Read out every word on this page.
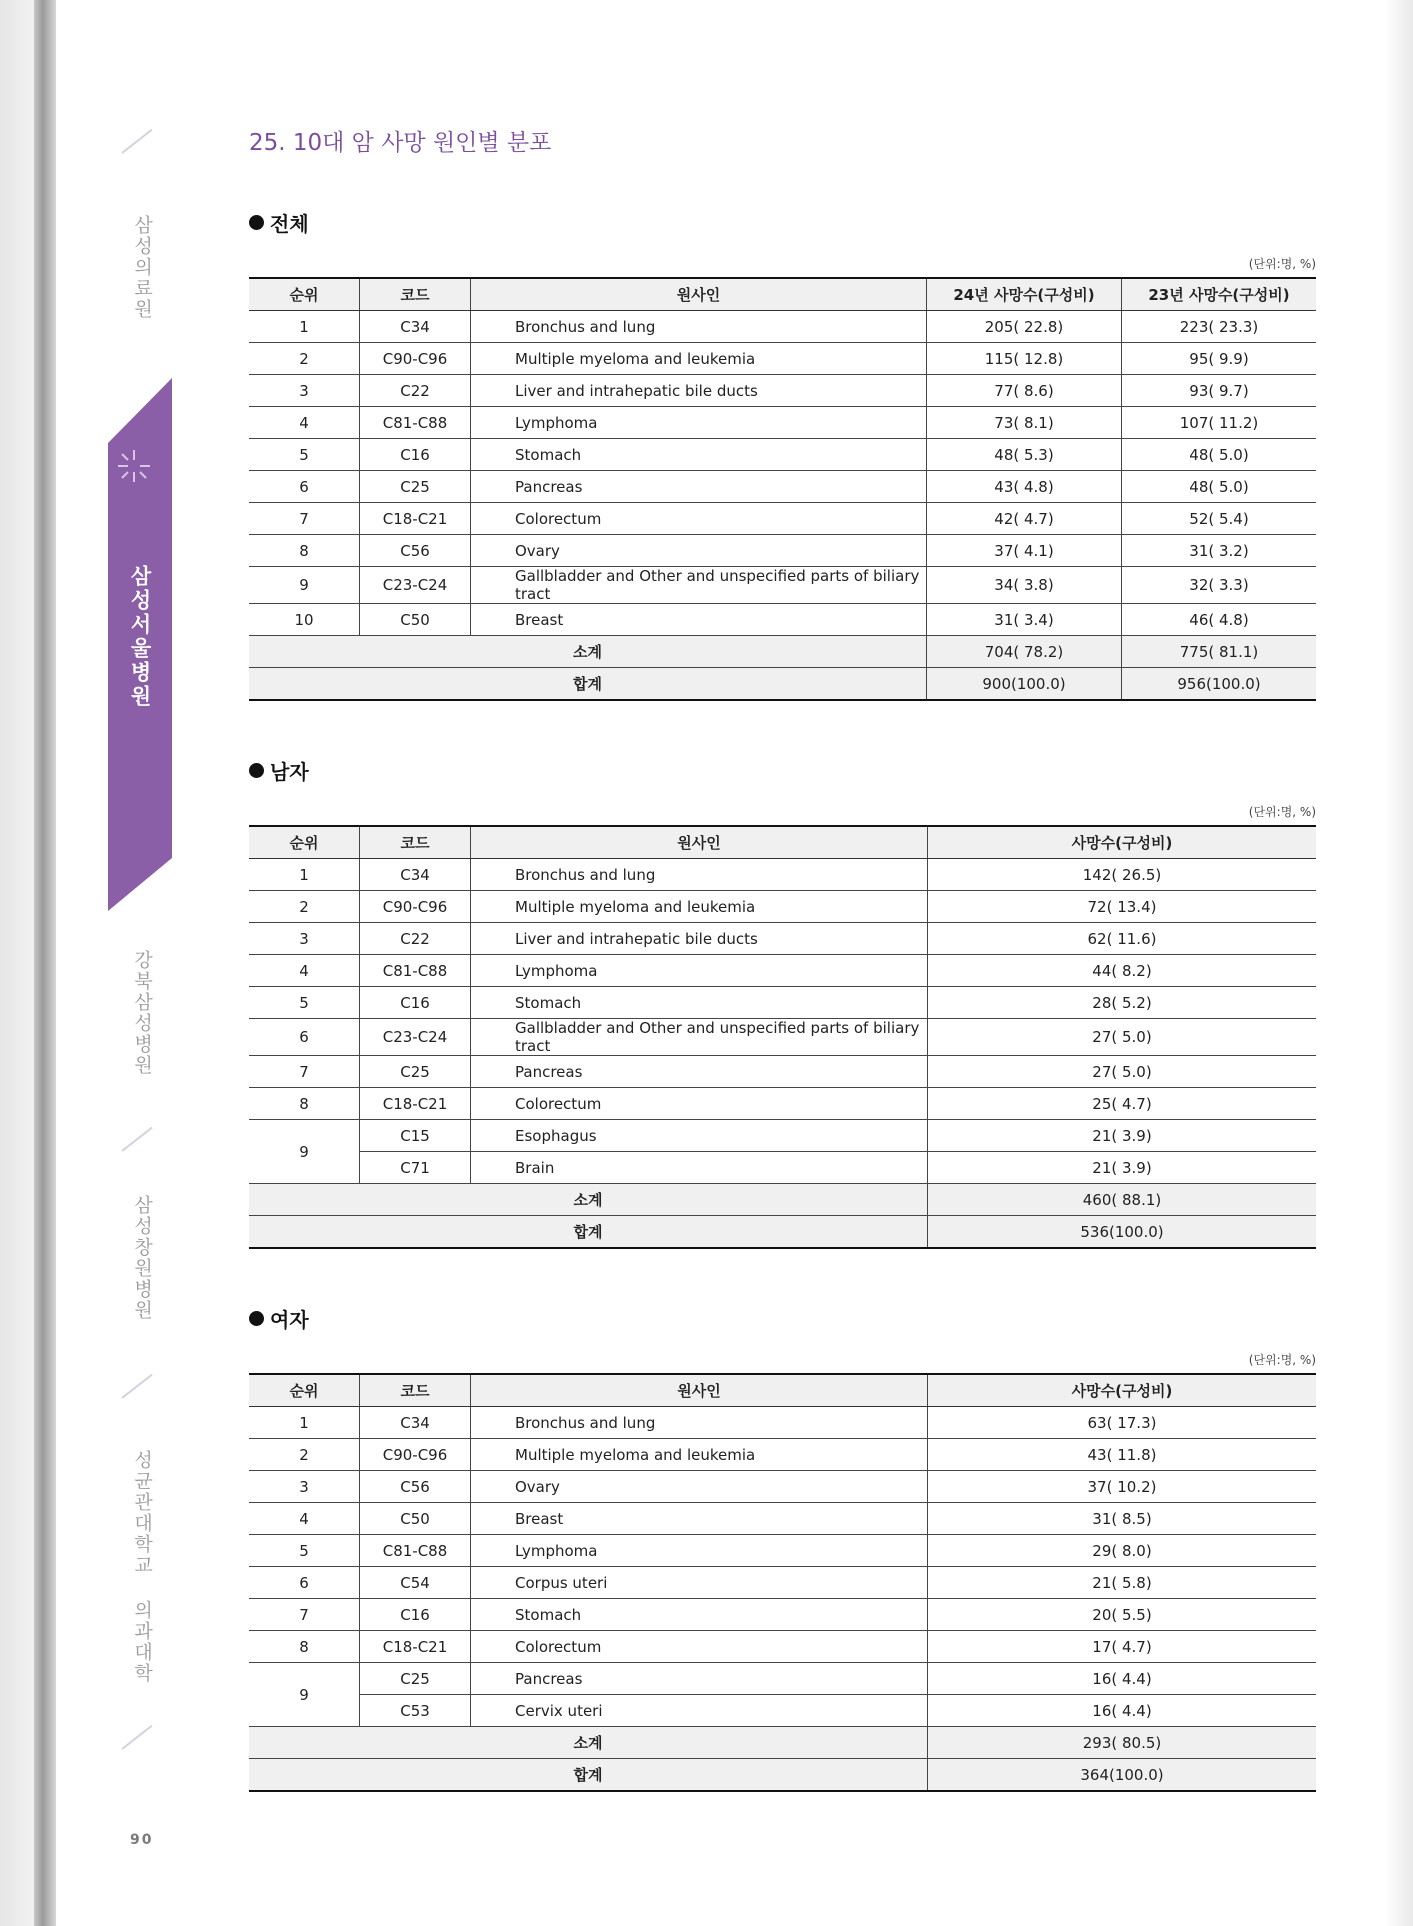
삼성의료원
삼성서울병원
강북삼성병원
삼성창원병원
성균관대학교 의과대학
90
25. 10대 암 사망 원인별 분포
전체
(단위:명, %)
순위	코드	원사인	24년 사망수(구성비)	23년 사망수(구성비)
1	C34	Bronchus and lung	205( 22.8)	223( 23.3)
2	C90-C96	Multiple myeloma and leukemia	115( 12.8)	95( 9.9)
3	C22	Liver and intrahepatic bile ducts	77( 8.6)	93( 9.7)
4	C81-C88	Lymphoma	73( 8.1)	107( 11.2)
5	C16	Stomach	48( 5.3)	48( 5.0)
6	C25	Pancreas	43( 4.8)	48( 5.0)
7	C18-C21	Colorectum	42( 4.7)	52( 5.4)
8	C56	Ovary	37( 4.1)	31( 3.2)
9	C23-C24	Gallbladder and Other and unspecified parts of biliary tract	34( 3.8)	32( 3.3)
10	C50	Breast	31( 3.4)	46( 4.8)
소계			704( 78.2)	775( 81.1)
합계			900(100.0)	956(100.0)
남자
(단위:명, %)
순위	코드	원사인	사망수(구성비)
1	C34	Bronchus and lung	142( 26.5)
2	C90-C96	Multiple myeloma and leukemia	72( 13.4)
3	C22	Liver and intrahepatic bile ducts	62( 11.6)
4	C81-C88	Lymphoma	44( 8.2)
5	C16	Stomach	28( 5.2)
6	C23-C24	Gallbladder and Other and unspecified parts of biliary tract	27( 5.0)
7	C25	Pancreas	27( 5.0)
8	C18-C21	Colorectum	25( 4.7)
9	C15	Esophagus	21( 3.9)
	C71	Brain	21( 3.9)
소계			460( 88.1)
합계			536(100.0)
여자
(단위:명, %)
순위	코드	원사인	사망수(구성비)
1	C34	Bronchus and lung	63( 17.3)
2	C90-C96	Multiple myeloma and leukemia	43( 11.8)
3	C56	Ovary	37( 10.2)
4	C50	Breast	31( 8.5)
5	C81-C88	Lymphoma	29( 8.0)
6	C54	Corpus uteri	21( 5.8)
7	C16	Stomach	20( 5.5)
8	C18-C21	Colorectum	17( 4.7)
9	C25	Pancreas	16( 4.4)
	C53	Cervix uteri	16( 4.4)
소계			293( 80.5)
합계			364(100.0)
